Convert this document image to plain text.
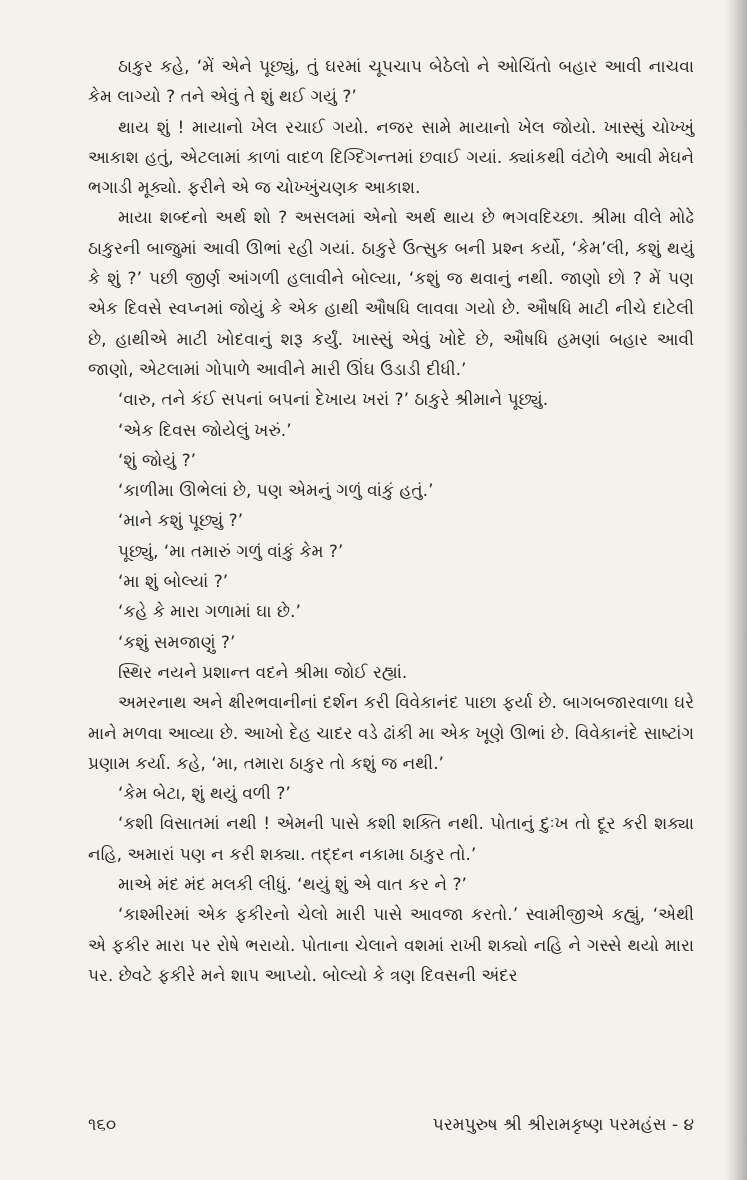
ઠાકુર કહે, ‘મેં એને પૂછ્યું, તું ઘરમાં ચૂપચાપ બેઠેલો ને ઓચિંતો બહાર આવી નાચવા કેમ લાગ્યો ? તને એવું તે શું થઈ ગયું ?’

થાય શું ! માયાનો ખેલ રચાઈ ગયો. નજર સામે માયાનો ખેલ જોયો. ખાસ્સું ચોખ્ખું આકાશ હતું, એટલામાં કાળાં વાદળ દિગ્દિગન્તમાં છવાઈ ગયાં. ક્યાંકથી વંટોળે આવી મેઘને ભગાડી મૂક્યો. ફરીને એ જ ચોખ્ખુંચણક આકાશ.

માયા શબ્દનો અર્થ શો ? અસલમાં એનો અર્થ થાય છે ભગવદિચ્છા. શ્રીમા વીલે મોઢે ઠાકુરની બાજુમાં આવી ઊભાં રહી ગયાં. ઠાકુરે ઉત્સુક બની પ્રશ્ન કર્યો, ‘કેમ’લી, કશું થયું કે શું ?’ પછી જીર્ણ આંગળી હલાવીને બોલ્યા, ‘કશું જ થવાનું નથી. જાણો છો ? મેં પણ એક દિવસે સ્વપ્નમાં જોયું કે એક હાથી ઔષધિ લાવવા ગયો છે. ઔષધિ માટી નીચે દાટેલી છે, હાથીએ માટી ખોદવાનું શરૂ કર્યું. ખાસ્સું એવું ખોદે છે, ઔષધિ હમણાં બહાર આવી જાણો, એટલામાં ગોપાળે આવીને મારી ઊંઘ ઉડાડી દીધી.’

‘વારુ, તને કંઈ સપનાં બપનાં દેખાય ખરાં ?’ ઠાકુરે શ્રીમાને પૂછ્યું.

‘એક દિવસ જોયેલું ખરું.’

‘શું જોયું ?’

‘કાળીમા ઊભેલાં છે, પણ એમનું ગળું વાંકું હતું.’

‘માને કશું પૂછ્યું ?’

પૂછ્યું, ‘મા તમારું ગળું વાંકું કેમ ?’

‘મા શું બોલ્યાં ?’

‘કહે કે મારા ગળામાં ઘા છે.’

‘કશું સમજાણું ?’

સ્થિર નયને પ્રશાન્ત વદને શ્રીમા જોઈ રહ્યાં.

અમરનાથ અને ક્ષીરભવાનીનાં દર્શન કરી વિવેકાનંદ પાછા ફર્યા છે. બાગબજારવાળા ઘરે માને મળવા આવ્યા છે. આખો દેહ ચાદર વડે ઢાંકી મા એક ખૂણે ઊભાં છે. વિવેકાનંદે સાષ્ટાંગ પ્રણામ કર્યા. કહે, ‘મા, તમારા ઠાકુર તો કશું જ નથી.’

‘કેમ બેટા, શું થયું વળી ?’

‘કશી વિસાતમાં નથી ! એમની પાસે કશી શક્તિ નથી. પોતાનું દુઃખ તો દૂર કરી શક્યા નહિ, અમારાં પણ ન કરી શક્યા. તદ્દન નકામા ઠાકુર તો.’

માએ મંદ મંદ મલકી લીધું. ‘થયું શું એ વાત કર ને ?’

‘કાશ્મીરમાં એક ફકીરનો ચેલો મારી પાસે આવજા કરતો.’ સ્વામીજીએ કહ્યું, ‘એથી એ ફકીર મારા પર રોષે ભરાયો. પોતાના ચેલાને વશમાં રાખી શક્યો નહિ ને ગસ્સે થયો મારા પર. છેવટે ફકીરે મને શાપ આપ્યો. બોલ્યો કે ત્રણ દિવસની અંદર

૧૬૦	પરમપુરુષ શ્રી શ્રીરામકૃષ્ણ પરમહંસ - ૪
